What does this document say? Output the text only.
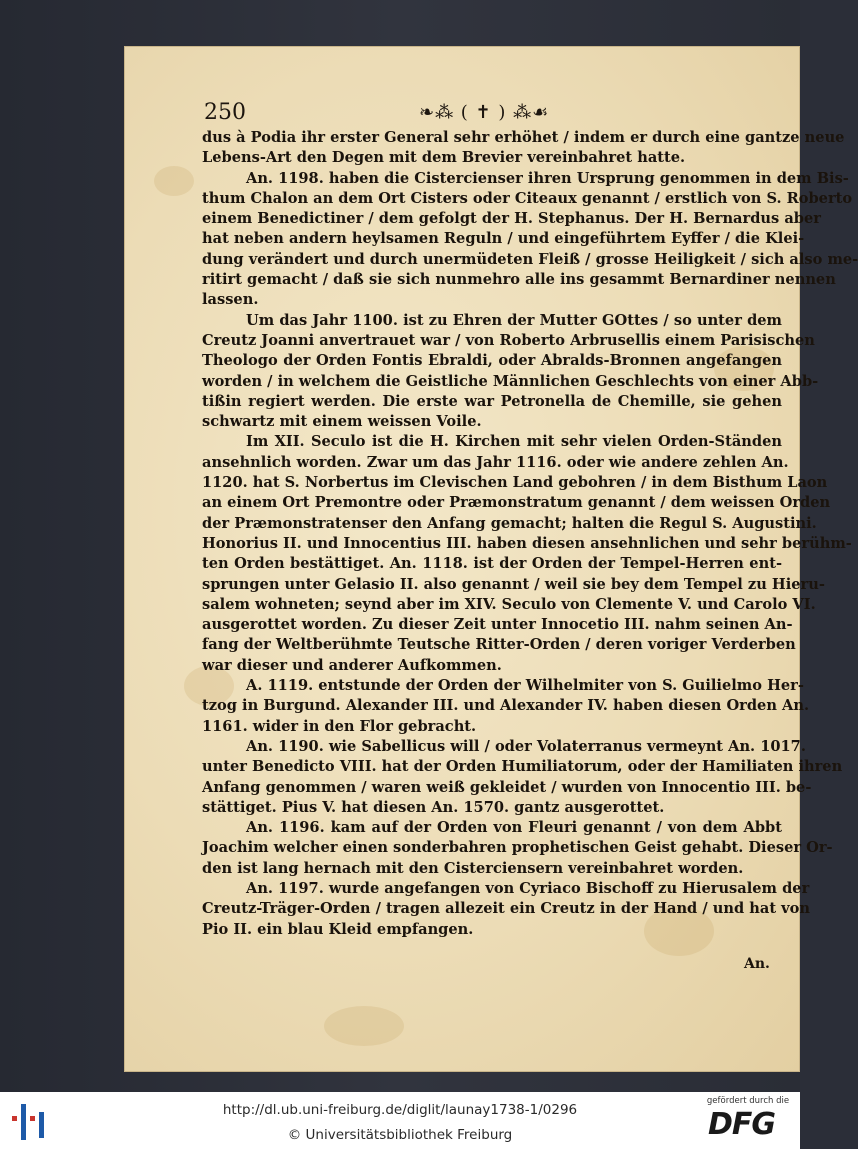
250	❧⁂ ( ✝ ) ⁂☙
dus à Podia ihr erster General sehr erhöhet / indem er durch eine gantze neue
Lebens-Art den Degen mit dem Brevier vereinbahret hatte.
An. 1198. haben die Cistercienser ihren Ursprung genommen in dem Bis-
thum Chalon an dem Ort Cisters oder Citeaux genannt / erstlich von S. Roberto
einem Benedictiner / dem gefolgt der H. Stephanus. Der H. Bernardus aber
hat neben andern heylsamen Reguln / und eingeführtem Eyffer / die Klei-
dung verändert und durch unermüdeten Fleiß / grosse Heiligkeit / sich also me-
ritirt gemacht / daß sie sich nunmehro alle ins gesammt Bernardiner nennen
lassen.
Um das Jahr 1100. ist zu Ehren der Mutter GOttes / so unter dem
Creutz Joanni anvertrauet war / von Roberto Arbrusellis einem Parisischen
Theologo der Orden Fontis Ebraldi, oder Abralds-Bronnen angefangen
worden / in welchem die Geistliche Männlichen Geschlechts von einer Abb-
tißin regiert werden. Die erste war Petronella de Chemille, sie gehen
schwartz mit einem weissen Voile.
Im XII. Seculo ist die H. Kirchen mit sehr vielen Orden-Ständen
ansehnlich worden. Zwar um das Jahr 1116. oder wie andere zehlen An.
1120. hat S. Norbertus im Clevischen Land gebohren / in dem Bisthum Laon
an einem Ort Premontre oder Præmonstratum genannt / dem weissen Orden
der Præmonstratenser den Anfang gemacht; halten die Regul S. Augustini.
Honorius II. und Innocentius III. haben diesen ansehnlichen und sehr berühm-
ten Orden bestättiget. An. 1118. ist der Orden der Tempel-Herren ent-
sprungen unter Gelasio II. also genannt / weil sie bey dem Tempel zu Hieru-
salem wohneten; seynd aber im XIV. Seculo von Clemente V. und Carolo VI.
ausgerottet worden. Zu dieser Zeit unter Innocetio III. nahm seinen An-
fang der Weltberühmte Teutsche Ritter-Orden / deren voriger Verderben
war dieser und anderer Aufkommen.
A. 1119. entstunde der Orden der Wilhelmiter von S. Guilielmo Her-
tzog in Burgund. Alexander III. und Alexander IV. haben diesen Orden An.
1161. wider in den Flor gebracht.
An. 1190. wie Sabellicus will / oder Volaterranus vermeynt An. 1017.
unter Benedicto VIII. hat der Orden Humiliatorum, oder der Hamiliaten ihren
Anfang genommen / waren weiß gekleidet / wurden von Innocentio III. be-
stättiget. Pius V. hat diesen An. 1570. gantz ausgerottet.
An. 1196. kam auf der Orden von Fleuri genannt / von dem Abbt
Joachim welcher einen sonderbahren prophetischen Geist gehabt. Dieser Or-
den ist lang hernach mit den Cisterciensern vereinbahret worden.
An. 1197. wurde angefangen von Cyriaco Bischoff zu Hierusalem der
Creutz-Träger-Orden / tragen allezeit ein Creutz in der Hand / und hat von
Pio II. ein blau Kleid empfangen.
An.
http://dl.ub.uni-freiburg.de/diglit/launay1738-1/0296
© Universitätsbibliothek Freiburg
gefördert durch die
DFG
